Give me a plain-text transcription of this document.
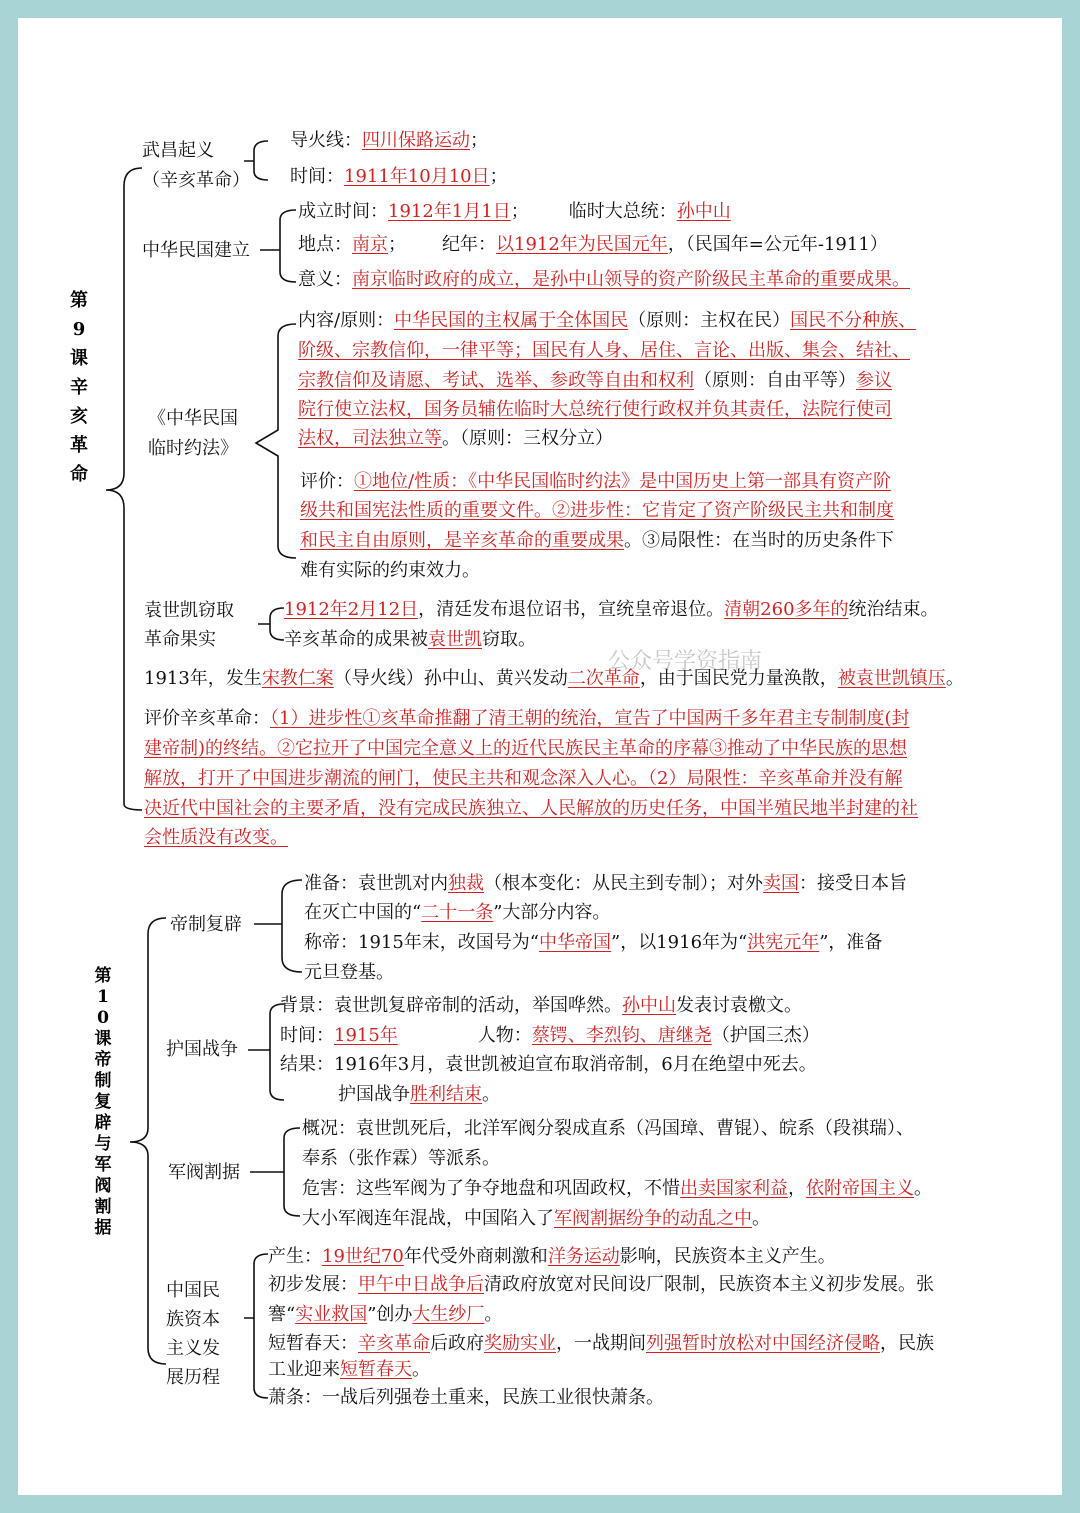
公众号学资指南
第9课　辛亥革命
武昌起义
（辛亥革命）
导火线：四川保路运动；
时间：1911年10月10日；
中华民国建立
成立时间：1912年1月1日； 临时大总统：孙中山
地点：南京； 纪年：以1912年为民国元年，（民国年=公元年-1911）
意义：南京临时政府的成立，是孙中山领导的资产阶级民主革命的重要成果。
《中华民国
临时约法》
内容/原则：中华民国的主权属于全体国民（原则：主权在民）国民不分种族、
阶级、宗教信仰，一律平等；国民有人身、居住、言论、出版、集会、结社、
宗教信仰及请愿、考试、选举、参政等自由和权利（原则：自由平等）参议
院行使立法权，国务员辅佐临时大总统行使行政权并负其责任，法院行使司
法权，司法独立等。（原则：三权分立）
评价：①地位/性质：《中华民国临时约法》是中国历史上第一部具有资产阶
级共和国宪法性质的重要文件。②进步性：它肯定了资产阶级民主共和制度
和民主自由原则，是辛亥革命的重要成果。③局限性：在当时的历史条件下
难有实际的约束效力。
袁世凯窃取
革命果实
1912年2月12日，清廷发布退位诏书，宣统皇帝退位。清朝260多年的统治结束。
辛亥革命的成果被袁世凯窃取。
1913年，发生宋教仁案（导火线）孙中山、黄兴发动二次革命，由于国民党力量涣散，被袁世凯镇压。
评价辛亥革命：（1）进步性①亥革命推翻了清王朝的统治，宣告了中国两千多年君主专制制度(封
建帝制)的终结。②它拉开了中国完全意义上的近代民族民主革命的序幕③推动了中华民族的思想
解放，打开了中国进步潮流的闸门，使民主共和观念深入人心。（2）局限性：辛亥革命并没有解
决近代中国社会的主要矛盾，没有完成民族独立、人民解放的历史任务，中国半殖民地半封建的社
会性质没有改变。
第10课　帝制复辟与军阀割据
帝制复辟
准备：袁世凯对内独裁（根本变化：从民主到专制）；对外卖国：接受日本旨
在灭亡中国的“二十一条”大部分内容。
称帝：1915年末，改国号为“中华帝国”，以1916年为“洪宪元年”，准备
元旦登基。
护国战争
背景：袁世凯复辟帝制的活动，举国哗然。孙中山发表讨袁檄文。
时间：1915年	人物：蔡锷、李烈钧、唐继尧（护国三杰）
结果：1916年3月，袁世凯被迫宣布取消帝制，6月在绝望中死去。
护国战争胜利结束。
军阀割据
概况：袁世凯死后，北洋军阀分裂成直系（冯国璋、曹锟）、皖系（段祺瑞）、
奉系（张作霖）等派系。
危害：这些军阀为了争夺地盘和巩固政权，不惜出卖国家利益，依附帝国主义。
大小军阀连年混战，中国陷入了军阀割据纷争的动乱之中。
中国民
族资本
主义发
展历程
产生：19世纪70年代受外商刺激和洋务运动影响，民族资本主义产生。
初步发展：甲午中日战争后清政府放宽对民间设厂限制，民族资本主义初步发展。张
謇“实业救国”创办大生纱厂。
短暂春天：辛亥革命后政府奖励实业，一战期间列强暂时放松对中国经济侵略，民族
工业迎来短暂春天。
萧条：一战后列强卷土重来，民族工业很快萧条。
